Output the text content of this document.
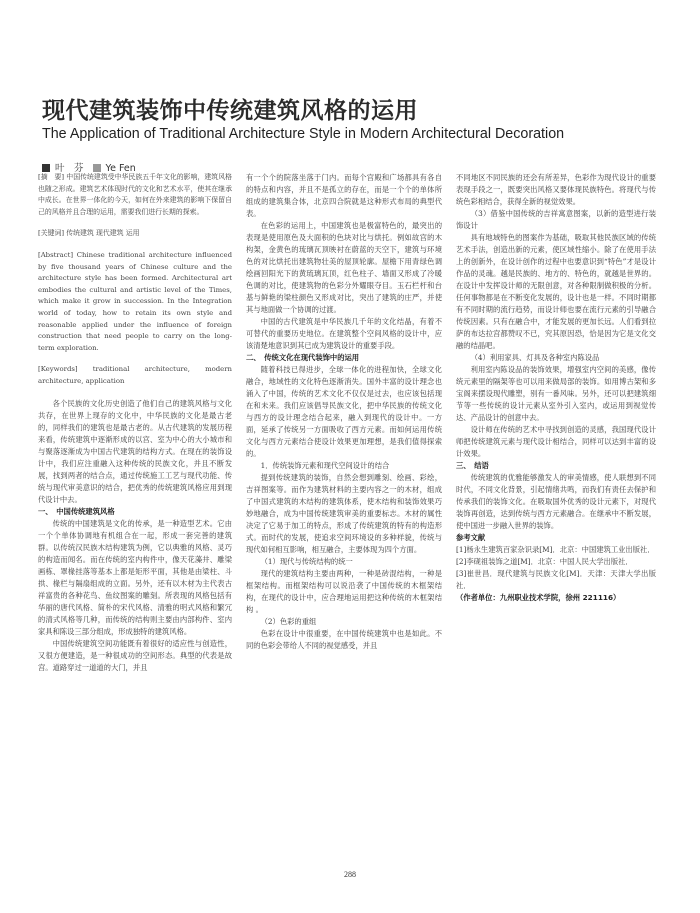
现代建筑装饰中传统建筑风格的运用
The Application of Traditional Architecture Style in Modern Architectural Decoration
叶　芬 Ye Fen

[摘　要] 中国传统建筑受中华民族五千年文化的影响，建筑风格也随之形成。建筑艺术体现时代的文化和艺术水平，使其在继承中成长。在世界一体化的今天，如何在外来建筑的影响下保留自己的风格并且合理的运用，需要我们进行长期的探索。

[关键词] 传统建筑 现代建筑 运用

[Abstract] Chinese traditional architecture influenced by five thousand years of Chinese culture and the architecture style has been formed. Architectural art embodies the cultural and artistic level of the Times, which make it grow in succession. In the Integration world of today, how to retain its own style and reasonable applied under the influence of foreign construction that need people to carry on the long-term exploration.

[Keywords] traditional architecture, modern architecture, application

各个民族的文化历史创造了他们自己的建筑风格与文化共存，在世界上现存的文化中，中华民族的文化是最古老的，同样我们的建筑也是最古老的。从古代建筑的发展历程来看，传统建筑中逐渐形成的以宫、室为中心的大小城市和与聚落逐渐成为中国古代建筑的结构方式。在现在的装饰设计中，我们应注重融入这种传统的民族文化，并且不断发展，找到两者的结合点，通过传统施工工艺与现代功能、传统与现代审美意识的结合，把优秀的传统建筑风格应用到现代设计中去。

一、　中国传统建筑风格

传统的中国建筑是文化的传承，是一种造型艺术。它由一个个单体协调地有机组合在一起，形成一套完善的建筑群。以传统汉民族木结构建筑为例，它以典雅的风格、灵巧的构造而闻名。而在传统的室内构件中，像天花藻井、雕梁画栋、罩椽挂落等基本上都是矩形平面，其他是由梁柱、斗拱、椽栏与隔扇组成的立面。另外，还有以木材为主代表古祥富贵的各种花鸟、鱼纹图案的雕刻。所表现的风格包括有华丽的唐代风格、简朴的宋代风格、清雅的明式风格和繁冗的清式风格等几种，而传统的结构则主要由内部构件、室内家具和陈设三部分组成，形成独特的建筑风格。

中国传统建筑空间功能既有着很好的适应性与创造性，又很方便建造，是一种很成功的空间形态。典型的代表是故宫。道路穿过一道道的大门，并且

有一个个的院落坐落于门内。而每个宫殿和广场都具有各自的特点和内容，并且不是孤立的存在，而是一个个的单体所组成的建筑集合体，北京四合院就是这种形式布局的典型代表。

在色彩的运用上，中国建筑也是极富特色的，最突出的表现是使用原色及大面积的色块对比与烘托。例如故宫的木构架，金黄色的琉璃瓦顶映衬在蔚蓝的天空下，建筑与环境色的对比烘托出建筑物壮美的屋顶轮廓。屋檐下用青绿色调绘画回阳光下的黄琉璃瓦顶，红色柱子、墙面又形成了冷暖色调的对比，使建筑物的色彩分外耀眼夺目。玉石栏杆和台基与鲜艳的梁柱颜色又形成对比，突出了建筑的庄严，并使其与地面做一个协调的过渡。

中国的古代建筑是中华民族几千年的文化结晶，有着不可替代的重要历史地位。在建筑整个空间风格的设计中，应该清楚地意识到其已成为建筑设计的重要手段。

二、　传统文化在现代装饰中的运用

随着科技已得进步，全球一体化的进程加快，全球文化融合，地域性的文化特色逐渐消失。国外丰富的设计理念也涌入了中国，传统的艺术文化不仅仅是过去，也应该包括现在和未来。我们应该倡导民族文化，把中华民族的传统文化与西方的设计理念结合起来，融入到现代的设计中。一方面，延承了传统另一方面吸收了西方元素。而如何运用传统文化与西方元素结合使设计效果更加理想，是我们值得探索的。

1．传统装饰元素和现代空间设计的结合

提到传统建筑的装饰，自然会想到雕刻、绘画、彩绘，吉祥图案等。而作为建筑材料的主要内容之一的木材，组成了中国式建筑的木结构的建筑体系，使木结构和装饰效果巧妙地融合，成为中国传统建筑审美的重要标志。木材的属性决定了它易于加工的特点，形成了传统建筑的特有的构造形式。而时代的发展，使追求空间环境设的多种样貌，传统与现代如何相互影响，相互融合，主要体现为四个方面。

（1）现代与传统结构的统一

现代的建筑结构主要由两种，一种是砖混结构，一种是框架结构。而框架结构可以说沿袭了中国传统的木框架结构，在现代的设计中，应合理地运用把这种传统的木框架结构 。

（2）色彩的重组

色彩在设计中很重要，在中国传统建筑中也是如此。不同的色彩会带给人不同的视觉感受，并且

不同地区不同民族的还会有所差异，色彩作为现代设计的重要表现手段之一，既要突出风格又要体现民族特色。将现代与传统色彩相结合，获得全新的视觉效果。

（3）借鉴中国传统的吉祥寓意图案，以新的造型进行装饰设计

具有地域特色的图案作为基础，吸取其他民族区域的传统艺术手法，创造出新的元素，使区域性缩小。除了在使用手法上的创新外，在设计创作的过程中也要意识到“特色”才是设计作品的灵魂。越是民族的、地方的、特色的，就越是世界的。在设计中发挥设计师的无限创意，对各种限制做积极的分析。任何事物都是在不断变化发展的，设计也是一样。不同时期都有不同时期的流行趋势，而设计师也要在流行元素的引导融合传统因素。只有在融合中，才能发展的更加长远。人们看到拉萨的布达拉宫都赞叹不已，究其原因恐，恰是因为它是文化交融的结晶吧。

（4）利用家具、灯具及各种室内陈设品

利用室内陈设品的装饰效果，增强室内空间的美感，像传统元素里的隔架等也可以用来做局部的装饰。如用博古架和多宝阁来摆设现代雕塑，别有一番风味。另外，还可以把建筑细节等一些传统的设计元素从室外引入室内，或运用到视觉传达、产品设计的创意中去。

设计师在传统的艺术中寻找到创造的灵感，我国现代设计师把传统建筑元素与现代设计相结合，同样可以达到丰富的设计效果。

三、　结语

传统建筑的优雅能够激发人的审美情感，使人联想到不同时代，不同文化背景，引起情绪共鸣，而我们有责任去保护和传承我们的装饰文化。在吸取国外优秀的设计元素下，对现代装饰再创造，达到传统与西方元素融合。在继承中不断发展，使中国进一步融入世界的装饰。

参考文献

[1]杨永生建筑百家杂识录[M]．北京：中国建筑工业出版社．

[2]李砚祖装饰之道[M]．北京：中国人民大学出版社．

[3]崔世昌．现代建筑与民族文化[M]．天津：天津大学出版社．

（作者单位：九州职业技术学院，徐州 221116）

288
